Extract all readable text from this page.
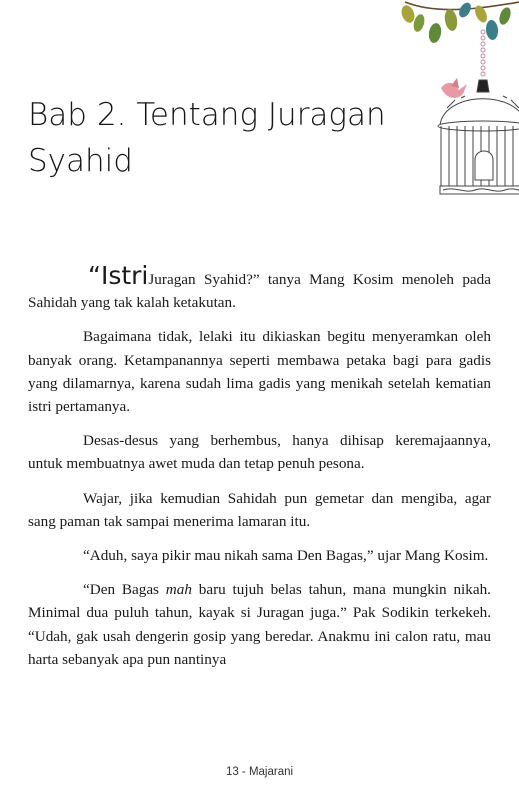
Bab 2. Tentang Juragan
Syahid

“IstriJuragan Syahid?” tanya Mang Kosim menoleh pada Sahidah yang tak kalah ketakutan.

Bagaimana tidak, lelaki itu dikiaskan begitu menyeramkan oleh banyak orang. Ketampanannya seperti membawa petaka bagi para gadis yang dilamarnya, karena sudah lima gadis yang menikah setelah kematian istri pertamanya.

Desas-desus yang berhembus, hanya dihisap keremajaannya, untuk membuatnya awet muda dan tetap penuh pesona.

Wajar, jika kemudian Sahidah pun gemetar dan mengiba, agar sang paman tak sampai menerima lamaran itu.

“Aduh, saya pikir mau nikah sama Den Bagas,” ujar Mang Kosim.

“Den Bagas mah baru tujuh belas tahun, mana mungkin nikah. Minimal dua puluh tahun, kayak si Juragan juga.” Pak Sodikin terkekeh. “Udah, gak usah dengerin gosip yang beredar. Anakmu ini calon ratu, mau harta sebanyak apa pun nantinya

13 - Majarani
